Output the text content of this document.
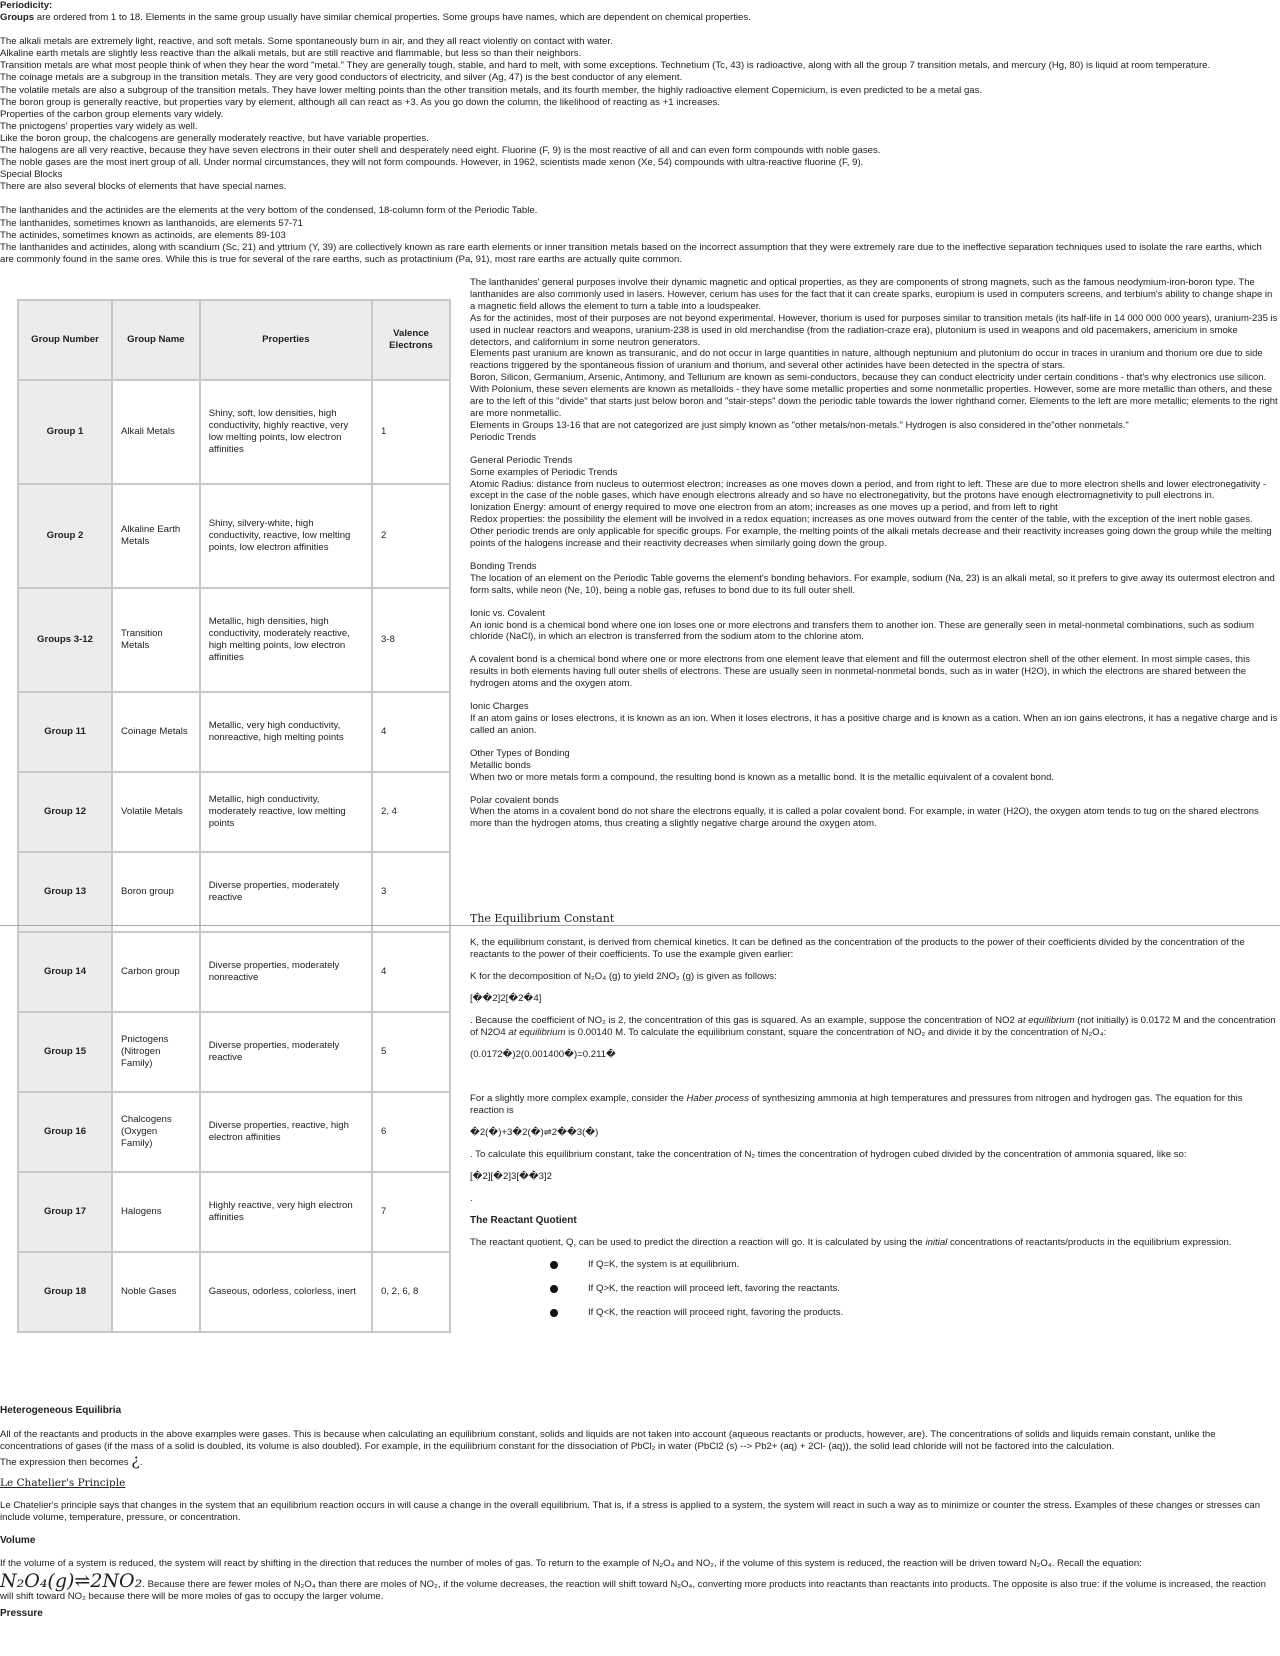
Periodicity:

Groups are ordered from 1 to 18. Elements in the same group usually have similar chemical properties. Some groups have names, which are dependent on chemical properties.

The alkali metals are extremely light, reactive, and soft metals. Some spontaneously burn in air, and they all react violently on contact with water.

Alkaline earth metals are slightly less reactive than the alkali metals, but are still reactive and flammable, but less so than their neighbors.

Transition metals are what most people think of when they hear the word "metal." They are generally tough, stable, and hard to melt, with some exceptions. Technetium (Tc, 43) is radioactive, along with all the group 7 transition metals, and mercury (Hg, 80) is liquid at room temperature.

The coinage metals are a subgroup in the transition metals. They are very good conductors of electricity, and silver (Ag, 47) is the best conductor of any element.

The volatile metals are also a subgroup of the transition metals. They have lower melting points than the other transition metals, and its fourth member, the highly radioactive element Copernicium, is even predicted to be a metal gas.

The boron group is generally reactive, but properties vary by element, although all can react as +3. As you go down the column, the likelihood of reacting as +1 increases.

Properties of the carbon group elements vary widely.

The pnictogens' properties vary widely as well.

Like the boron group, the chalcogens are generally moderately reactive, but have variable properties.

The halogens are all very reactive, because they have seven electrons in their outer shell and desperately need eight. Fluorine (F, 9) is the most reactive of all and can even form compounds with noble gases.

The noble gases are the most inert group of all. Under normal circumstances, they will not form compounds. However, in 1962, scientists made xenon (Xe, 54) compounds with ultra-reactive fluorine (F, 9).

Special Blocks

There are also several blocks of elements that have special names.

The lanthanides and the actinides are the elements at the very bottom of the condensed, 18-column form of the Periodic Table.

The lanthanides, sometimes known as lanthanoids, are elements 57-71

The actinides, sometimes known as actinoids, are elements 89-103

The lanthanides and actinides, along with scandium (Sc, 21) and yttrium (Y, 39) are collectively known as rare earth elements or inner transition metals based on the incorrect assumption that they were extremely rare due to the ineffective separation techniques used to isolate the rare earths, which are commonly found in the same ores. While this is true for several of the rare earths, such as protactinium (Pa, 91), most rare earths are actually quite common.

Group Number	Group Name	Properties	Valence Electrons
Group 1	Alkali Metals	Shiny, soft, low densities, high conductivity, highly reactive, very low melting points, low electron affinities	1
Group 2	Alkaline Earth Metals	Shiny, silvery-white, high conductivity, reactive, low melting points, low electron affinities	2
Groups 3-12	Transition Metals	Metallic, high densities, high conductivity, moderately reactive, high melting points, low electron affinities	3-8
Group 11	Coinage Metals	Metallic, very high conductivity, nonreactive, high melting points	4
Group 12	Volatile Metals	Metallic, high conductivity, moderately reactive, low melting points	2, 4
Group 13	Boron group	Diverse properties, moderately reactive	3
Group 14	Carbon group	Diverse properties, moderately nonreactive	4
Group 15	Pnictogens (Nitrogen Family)	Diverse properties, moderately reactive	5
Group 16	Chalcogens (Oxygen Family)	Diverse properties, reactive, high electron affinities	6
Group 17	Halogens	Highly reactive, very high electron affinities	7
Group 18	Noble Gases	Gaseous, odorless, colorless, inert	0, 2, 6, 8

The lanthanides' general purposes involve their dynamic magnetic and optical properties, as they are components of strong magnets, such as the famous neodymium-iron-boron type. The lanthanides are also commonly used in lasers. However, cerium has uses for the fact that it can create sparks, europium is used in computers screens, and terbium's ability to change shape in a magnetic field allows the element to turn a table into a loudspeaker.

As for the actinides, most of their purposes are not beyond experimental. However, thorium is used for purposes similar to transition metals (its half-life in 14 000 000 000 years), uranium-235 is used in nuclear reactors and weapons, uranium-238 is used in old merchandise (from the radiation-craze era), plutonium is used in weapons and old pacemakers, americium in smoke detectors, and californium in some neutron generators.

Elements past uranium are known as transuranic, and do not occur in large quantities in nature, although neptunium and plutonium do occur in traces in uranium and thorium ore due to side reactions triggered by the spontaneous fission of uranium and thorium, and several other actinides have been detected in the spectra of stars.

Boron, Silicon, Germanium, Arsenic, Antimony, and Tellurium are known as semi-conductors, because they can conduct electricity under certain conditions - that's why electronics use silicon.

With Polonium, these seven elements are known as metalloids - they have some metallic properties and some nonmetallic properties. However, some are more metallic than others, and these are to the left of this "divide" that starts just below boron and "stair-steps" down the periodic table towards the lower righthand corner. Elements to the left are more metallic; elements to the right are more nonmetallic.

Elements in Groups 13-16 that are not categorized are just simply known as "other metals/non-metals." Hydrogen is also considered in the"other nonmetals."

Periodic Trends

General Periodic Trends

Some examples of Periodic Trends

Atomic Radius: distance from nucleus to outermost electron; increases as one moves down a period, and from right to left. These are due to more electron shells and lower electronegativity - except in the case of the noble gases, which have enough electrons already and so have no electronegativity, but the protons have enough electromagnetivity to pull electrons in.

Ionization Energy: amount of energy required to move one electron from an atom; increases as one moves up a period, and from left to right

Redox properties: the possibility the element will be involved in a redox equation; increases as one moves outward from the center of the table, with the exception of the inert noble gases.

Other periodic trends are only applicable for specific groups. For example, the melting points of the alkali metals decrease and their reactivity increases going down the group while the melting points of the halogens increase and their reactivity decreases when similarly going down the group.

Bonding Trends

The location of an element on the Periodic Table governs the element's bonding behaviors. For example, sodium (Na, 23) is an alkali metal, so it prefers to give away its outermost electron and form salts, while neon (Ne, 10), being a noble gas, refuses to bond due to its full outer shell.

Ionic vs. Covalent

An ionic bond is a chemical bond where one ion loses one or more electrons and transfers them to another ion. These are generally seen in metal-nonmetal combinations, such as sodium chloride (NaCl), in which an electron is transferred from the sodium atom to the chlorine atom.

A covalent bond is a chemical bond where one or more electrons from one element leave that element and fill the outermost electron shell of the other element. In most simple cases, this results in both elements having full outer shells of electrons. These are usually seen in nonmetal-nonmetal bonds, such as in water (H2O), in which the electrons are shared between the hydrogen atoms and the oxygen atom.

Ionic Charges

If an atom gains or loses electrons, it is known as an ion. When it loses electrons, it has a positive charge and is known as a cation. When an ion gains electrons, it has a negative charge and is called an anion.

Other Types of Bonding

Metallic bonds

When two or more metals form a compound, the resulting bond is known as a metallic bond. It is the metallic equivalent of a covalent bond.

Polar covalent bonds

When the atoms in a covalent bond do not share the electrons equally, it is called a polar covalent bond. For example, in water (H2O), the oxygen atom tends to tug on the shared electrons more than the hydrogen atoms, thus creating a slightly negative charge around the oxygen atom.

The Equilibrium Constant

K, the equilibrium constant, is derived from chemical kinetics. It can be defined as the concentration of the products to the power of their coefficients divided by the concentration of the reactants to the power of their coefficients. To use the example given earlier:

K for the decomposition of N₂O₄ (g) to yield 2NO₂ (g) is given as follows:

[��2]2[�2�4]

. Because the coefficient of NO₂ is 2, the concentration of this gas is squared. As an example, suppose the concentration of NO2 at equilibrium (not initially) is 0.0172 M and the concentration of N2O4 at equilibrium is 0.00140 M. To calculate the equilibrium constant, square the concentration of NO₂ and divide it by the concentration of N₂O₄:

(0.0172�)2(0.001400�)=0.211�

For a slightly more complex example, consider the Haber process of synthesizing ammonia at high temperatures and pressures from nitrogen and hydrogen gas. The equation for this reaction is

�2(�)+3�2(�)⇌2��3(�)

. To calculate this equilibrium constant, take the concentration of N₂ times the concentration of hydrogen cubed divided by the concentration of ammonia squared, like so:

[�2][�2]3[��3]2

.

The Reactant Quotient

The reactant quotient, Q, can be used to predict the direction a reaction will go. It is calculated by using the initial concentrations of reactants/products in the equilibrium expression.

If Q=K, the system is at equilibrium.
If Q>K, the reaction will proceed left, favoring the reactants.
If Q<K, the reaction will proceed right, favoring the products.

Heterogeneous Equilibria

All of the reactants and products in the above examples were gases. This is because when calculating an equilibrium constant, solids and liquids are not taken into account (aqueous reactants or products, however, are). The concentrations of solids and liquids remain constant, unlike the concentrations of gases (if the mass of a solid is doubled, its volume is also doubled). For example, in the equilibrium constant for the dissociation of PbCl₂ in water (PbCl2 (s) --> Pb2+ (aq) + 2Cl- (aq)), the solid lead chloride will not be factored into the calculation.

The expression then becomes ¿.

Le Chatelier's Principle

Le Chatelier's principle says that changes in the system that an equilibrium reaction occurs in will cause a change in the overall equilibrium. That is, if a stress is applied to a system, the system will react in such a way as to minimize or counter the stress. Examples of these changes or stresses can include volume, temperature, pressure, or concentration.

Volume

If the volume of a system is reduced, the system will react by shifting in the direction that reduces the number of moles of gas. To return to the example of N₂O₄ and NO₂, if the volume of this system is reduced, the reaction will be driven toward N₂O₄. Recall the equation:

N₂O₄(g)⇌2NO₂. Because there are fewer moles of N₂O₄ than there are moles of NO₂, if the volume decreases, the reaction will shift toward N₂O₄, converting more products into reactants than reactants into products. The opposite is also true: if the volume is increased, the reaction will shift toward NO₂ because there will be more moles of gas to occupy the larger volume.

Pressure
